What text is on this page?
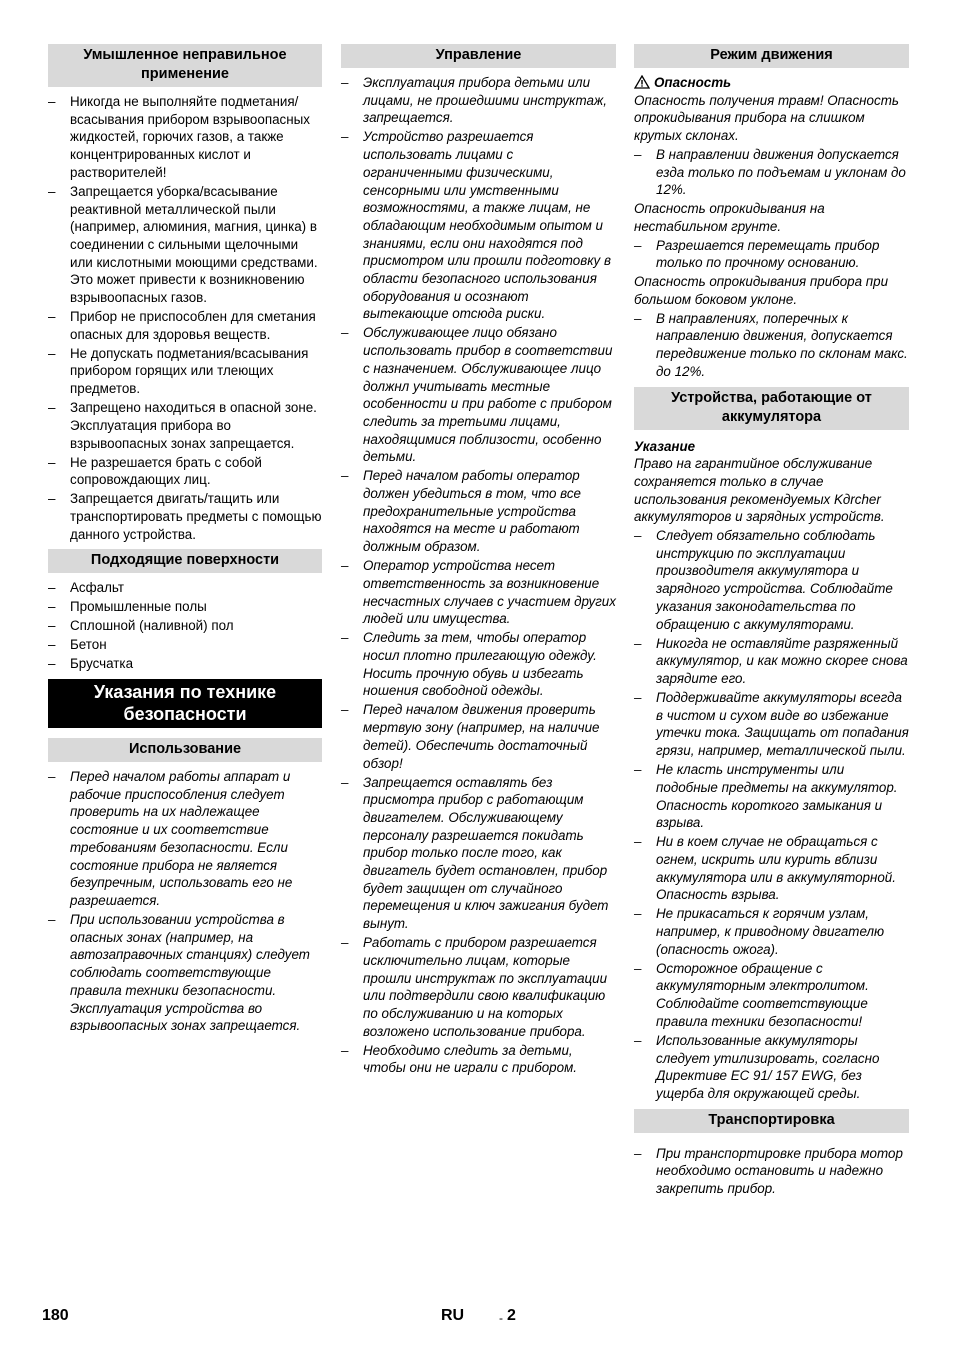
Умышленное неправильное применение
– Никогда не выполняйте подметания/всасывания прибором взрывоопасных жидкостей, горючих газов, а также концентрированных кислот и растворителей!
– Запрещается уборка/всасывание реактивной металлической пыли (например, алюминия, магния, цинка) в соединении с сильными щелочными или кислотными моющими средствами. Это может привести к возникновению взрывоопасных газов.
– Прибор не приспособлен для сметания опасных для здоровья веществ.
– Не допускать подметания/всасывания прибором горящих или тлеющих предметов.
– Запрещено находиться в опасной зоне. Эксплуатация прибора во взрывоопасных зонах запрещается.
– Не разрешается брать с собой сопровождающих лиц.
– Запрещается двигать/тащить или транспортировать предметы с помощью данного устройства.
Подходящие поверхности
– Асфальт
– Промышленные полы
– Сплошной (наливной) пол
– Бетон
– Брусчатка
Указания по технике безопасности
Использование
– Перед началом работы аппарат и рабочие приспособления следует проверить на их надлежащее состояние и их соответствие требованиям безопасности. Если состояние прибора не является безупречным, использовать его не разрешается.
– При использовании устройства в опасных зонах (например, на автозаправочных станциях) следует соблюдать соответствующие правила техники безопасности. Эксплуатация устройства во взрывоопасных зонах запрещается.
Управление
– Эксплуатация прибора детьми или лицами, не прошедшими инструктаж, запрещается.
– Устройство разрешается использовать лицами с ограниченными физическими, сенсорными или умственными возможностями, а также лицам, не обладающим необходимым опытом и знаниями, если они находятся под присмотром или прошли подготовку в области безопасного использования оборудования и осознают вытекающие отсюда риски.
– Обслуживающее лицо обязано использовать прибор в соответствии с назначением. Обслуживающее лицо должнл учитывать местные особенности и при работе с прибором следить за третьими лицами, находящимися поблизости, особенно детьми.
– Перед началом работы оператор должен убедиться в том, что все предохранительные устройства находятся на месте и работают должным образом.
– Оператор устройства несет ответственность за возникновение несчастных случаев с участием других людей или имущества.
– Следить за тем, чтобы оператор носил плотно прилегающую одежду. Носить прочную обувь и избегать ношения свободной одежды.
– Перед началом движения проверить мертвую зону (например, на наличие детей). Обеспечить достаточный обзор!
– Запрещается оставлять без присмотра прибор с работающим двигателем. Обслуживающему персоналу разрешается покидать прибор только после того, как двигатель будет остановлен, прибор будет защищен от случайного перемещения и ключ зажигания будет вынут.
– Работать с прибором разрешается исключительно лицам, которые прошли инструктаж по эксплуатации или подтвердили свою квалификацию по обслуживанию и на которых возложено использование прибора.
– Необходимо следить за детьми, чтобы они не играли с прибором.
Режим движения
Опасность

Опасность получения травм! Опасность опрокидывания прибора на слишком крутых склонах.

– В направлении движения допускается езда только по подъемам и уклонам до 12%.

Опасность опрокидывания на нестабильном грунте.

– Разрешается перемещать прибор только по прочному основанию.

Опасность опрокидывания прибора при большом боковом уклоне.

– В направлениях, поперечных к направлению движения, допускается передвижение только по склонам макс. до 12%.
Устройства, работающие от аккумулятора
Указание

Право на гарантийное обслуживание сохраняется только в случае использования рекомендуемых Kдrcher аккумуляторов и зарядных устройств.

– Следует обязательно соблюдать инструкцию по эксплуатации производителя аккумулятора и зарядного устройства. Соблюдайте указания законодательства по обращению с аккумуляторами.
– Никогда не оставляйте разряженный аккумулятор, и как можно скорее снова зарядите его.
– Поддерживайте аккумуляторы всегда в чистом и сухом виде во избежание утечки тока. Защищать от попадания грязи, например, металлической пыли.
– Не класть инструменты или подобные предметы на аккумулятор. Опасность короткого замыкания и взрыва.
– Ни в коем случае не обращаться с огнем, искрить или курить вблизи аккумулятора или в аккумуляторной. Опасность взрыва.
– Не прикасаться к горячим узлам, например, к приводному двигателю (опасность ожога).
– Осторожное обращение с аккумуляторным электролитом. Соблюдайте соответствующие правила техники безопасности!
– Использованные аккумуляторы следует утилизировать, согласно Директиве EC 91/ 157 EWG, без ущерба для окружающей среды.
Транспортировка
– При транспортировке прибора мотор необходимо остановить и надежно закрепить прибор.
180	RU	- 2
